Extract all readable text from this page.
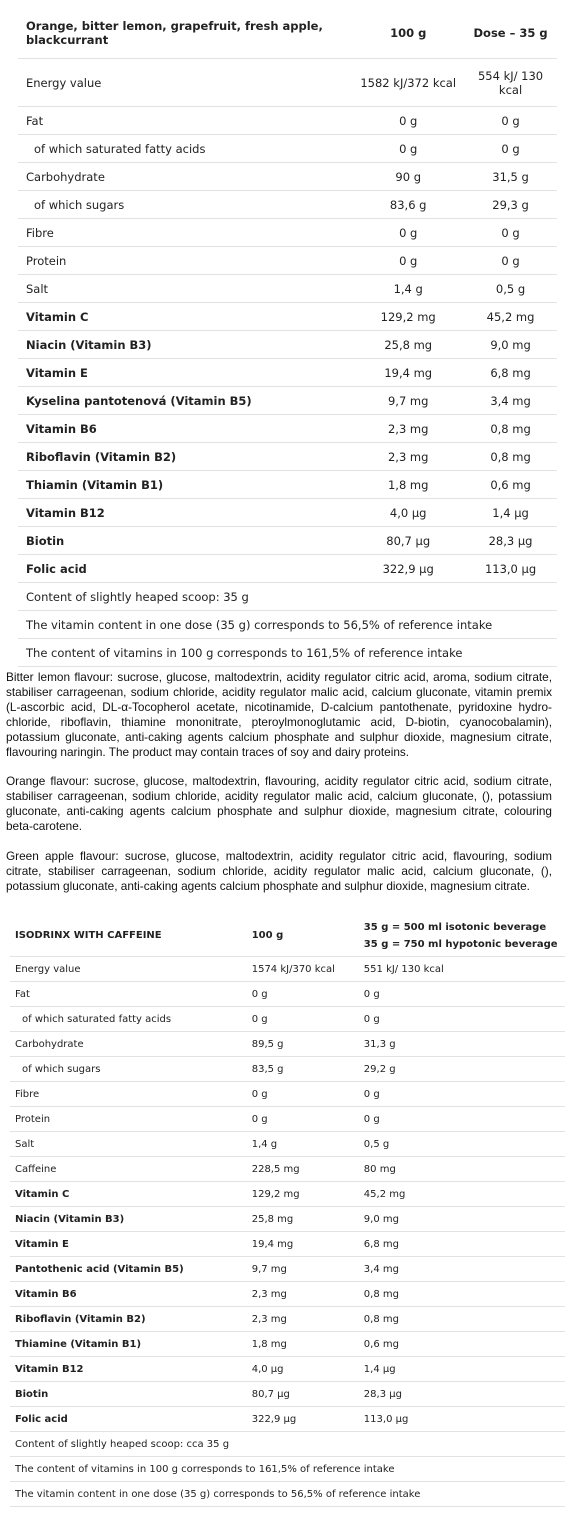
Orange, bitter lemon, grapefruit, fresh apple, blackcurrant	100 g	Dose – 35 g
Energy value	1582 kJ/372 kcal	554 kJ/ 130 kcal
Fat	0 g	0 g
of which saturated fatty acids	0 g	0 g
Carbohydrate	90 g	31,5 g
of which sugars	83,6 g	29,3 g
Fibre	0 g	0 g
Protein	0 g	0 g
Salt	1,4 g	0,5 g
Vitamin C	129,2 mg	45,2 mg
Niacin (Vitamin B3)	25,8 mg	9,0 mg
Vitamin E	19,4 mg	6,8 mg
Kyselina pantotenová (Vitamin B5)	9,7 mg	3,4 mg
Vitamin B6	2,3 mg	0,8 mg
Riboflavin (Vitamin B2)	2,3 mg	0,8 mg
Thiamin (Vitamin B1)	1,8 mg	0,6 mg
Vitamin B12	4,0 μg	1,4 μg
Biotin	80,7 μg	28,3 μg
Folic acid	322,9 μg	113,0 μg
Content of slightly heaped scoop: 35 g		
The vitamin content in one dose (35 g) corresponds to 56,5% of reference intake		
The content of vitamins in 100 g corresponds to 161,5% of reference intake		

Bitter lemon flavour: sucrose, glucose, maltodextrin, acidity regulator citric acid, aroma, sodium citrate, stabiliser carrageenan, sodium chloride, acidity regulator malic acid, calcium gluconate, vitamin premix (L-ascorbic acid, DL-α-Tocopherol acetate, nicotinamide, D-calcium pantothenate, pyridoxine hydro-chloride, riboflavin, thiamine mononitrate, pteroylmonoglutamic acid, D-biotin, cyanocobalamin), potassium gluconate, anti-caking agents calcium phosphate and sulphur dioxide, magnesium citrate, flavouring naringin. The product may contain traces of soy and dairy proteins.

Orange flavour: sucrose, glucose, maltodextrin, flavouring, acidity regulator citric acid, sodium citrate, stabiliser carrageenan, sodium chloride, acidity regulator malic acid, calcium gluconate, (), potassium gluconate, anti-caking agents calcium phosphate and sulphur dioxide, magnesium citrate, colouring beta-carotene.

Green apple flavour: sucrose, glucose, maltodextrin, acidity regulator citric acid, flavouring, sodium citrate, stabiliser carrageenan, sodium chloride, acidity regulator malic acid, calcium gluconate, (), potassium gluconate, anti-caking agents calcium phosphate and sulphur dioxide, magnesium citrate.

ISODRINX WITH CAFFEINE	100 g	35 g = 500 ml isotonic beverage
35 g = 750 ml hypotonic beverage

Energy value	1574 kJ/370 kcal	551 kJ/ 130 kcal
Fat	0 g	0 g
of which saturated fatty acids	0 g	0 g
Carbohydrate	89,5 g	31,3 g
of which sugars	83,5 g	29,2 g
Fibre	0 g	0 g
Protein	0 g	0 g
Salt	1,4 g	0,5 g
Caffeine	228,5 mg	80 mg
Vitamin C	129,2 mg	45,2 mg
Niacin (Vitamin B3)	25,8 mg	9,0 mg
Vitamin E	19,4 mg	6,8 mg
Pantothenic acid (Vitamin B5)	9,7 mg	3,4 mg
Vitamin B6	2,3 mg	0,8 mg
Riboflavin (Vitamin B2)	2,3 mg	0,8 mg
Thiamine (Vitamin B1)	1,8 mg	0,6 mg
Vitamin B12	4,0 μg	1,4 μg
Biotin	80,7 μg	28,3 μg
Folic acid	322,9 μg	113,0 μg
Content of slightly heaped scoop: cca 35 g		
The content of vitamins in 100 g corresponds to 161,5% of reference intake		
The vitamin content in one dose (35 g) corresponds to 56,5% of reference intake		
